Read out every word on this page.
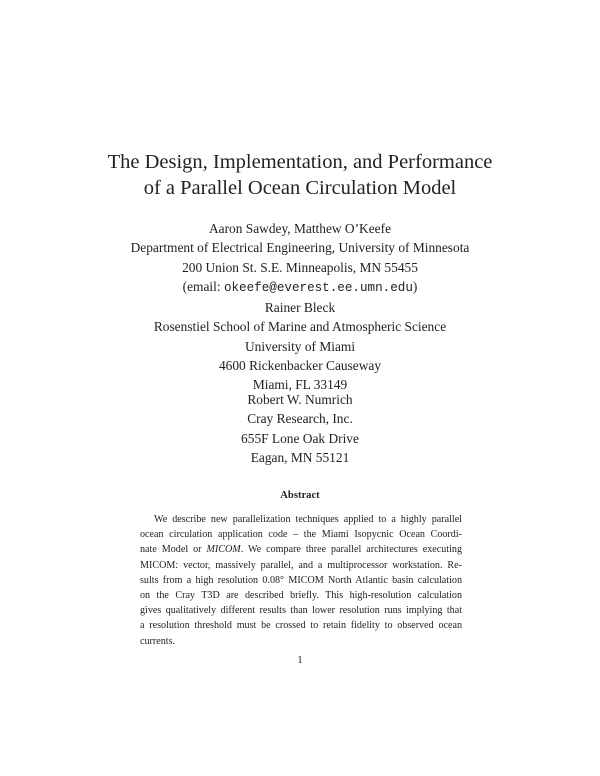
The Design, Implementation, and Performance
of a Parallel Ocean Circulation Model
Aaron Sawdey, Matthew O’Keefe
Department of Electrical Engineering, University of Minnesota
200 Union St. S.E. Minneapolis, MN 55455
(email: okeefe@everest.ee.umn.edu)
Rainer Bleck
Rosenstiel School of Marine and Atmospheric Science
University of Miami
4600 Rickenbacker Causeway
Miami, FL 33149
Robert W. Numrich
Cray Research, Inc.
655F Lone Oak Drive
Eagan, MN 55121
Abstract
We describe new parallelization techniques applied to a highly parallel
ocean circulation application code – the Miami Isopycnic Ocean Coordi-
nate Model or MICOM. We compare three parallel architectures executing
MICOM: vector, massively parallel, and a multiprocessor workstation. Re-
sults from a high resolution 0.08° MICOM North Atlantic basin calculation
on the Cray T3D are described briefly. This high-resolution calculation
gives qualitatively different results than lower resolution runs implying that
a resolution threshold must be crossed to retain fidelity to observed ocean
currents.
1
